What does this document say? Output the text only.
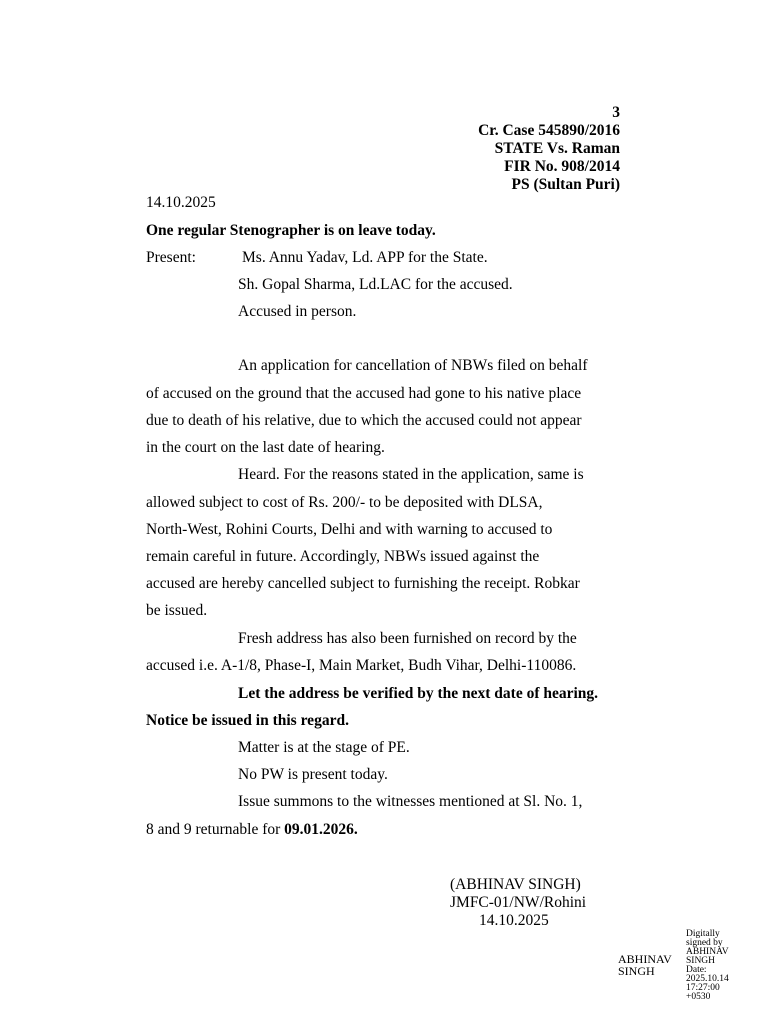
3
Cr. Case 545890/2016
STATE Vs. Raman
FIR No. 908/2014
PS (Sultan Puri)
14.10.2025
One regular Stenographer is on leave today.
Present:	Ms. Annu Yadav, Ld. APP for the State.
Sh. Gopal Sharma, Ld.LAC for the accused.
Accused in person.
An application for cancellation of NBWs filed on behalf
of accused on the ground that the accused had gone to his native place
due to death of his relative, due to which the accused could not appear
in the court on the last date of hearing.
Heard. For the reasons stated in the application, same is
allowed subject to cost of Rs. 200/- to be deposited with DLSA,
North-West, Rohini Courts, Delhi and with warning to accused to
remain careful in future. Accordingly, NBWs issued against the
accused are hereby cancelled subject to furnishing the receipt. Robkar
be issued.
Fresh address has also been furnished on record by the
accused i.e. A-1/8, Phase-I, Main Market, Budh Vihar, Delhi-110086.
Let the address be verified by the next date of hearing.
Notice be issued in this regard.
Matter is at the stage of PE.
No PW is present today.
Issue summons to the witnesses mentioned at Sl. No. 1,
8 and 9 returnable for 09.01.2026.
(ABHINAV SINGH)
JMFC-01/NW/Rohini
14.10.2025
ABHINAV
SINGH
Digitally
signed by
ABHINAV
SINGH
Date:
2025.10.14
17:27:00
+0530
